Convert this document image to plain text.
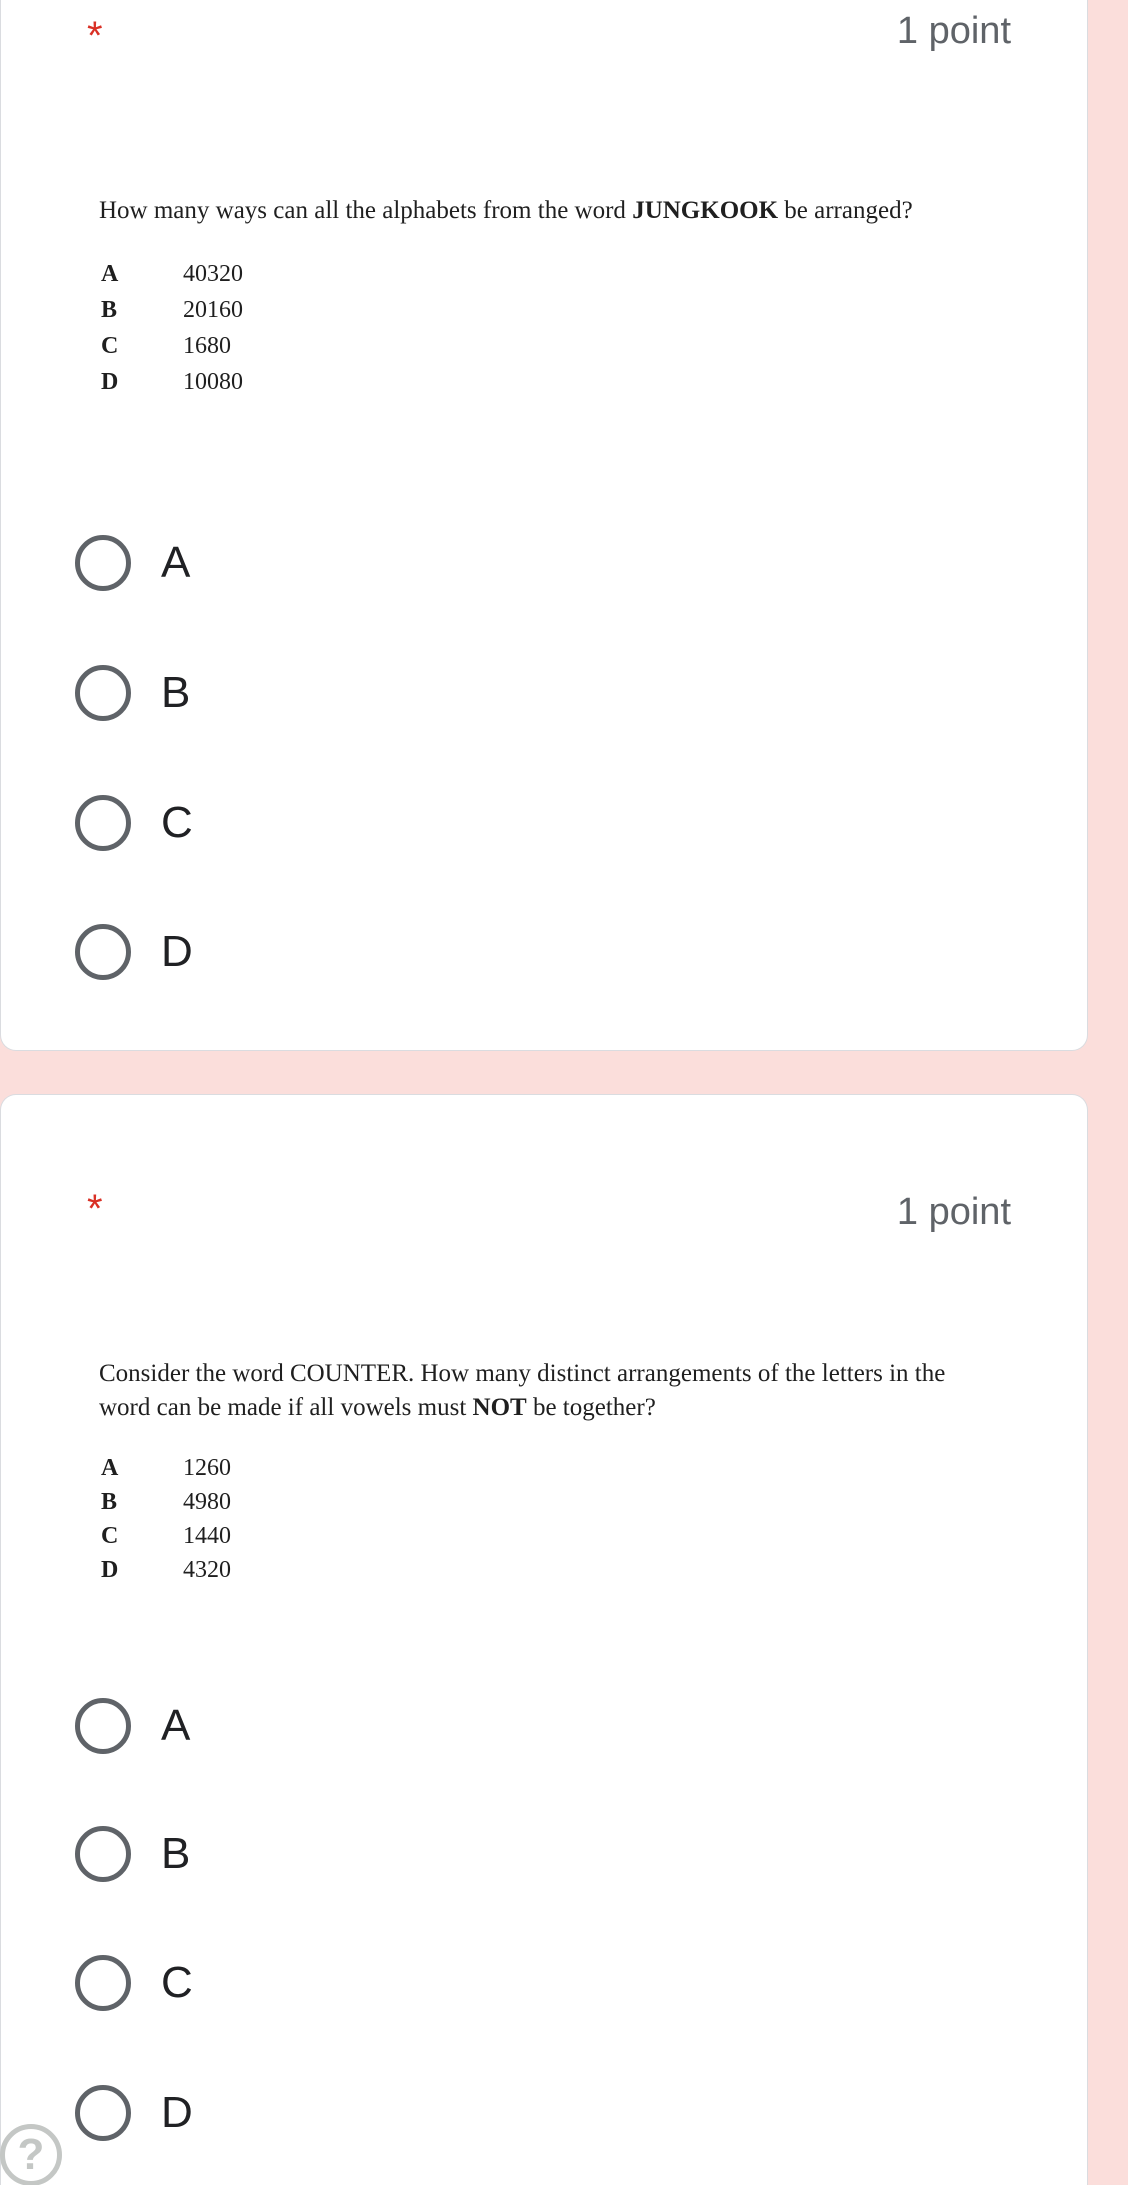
*	1 point
How many ways can all the alphabets from the word JUNGKOOK be arranged?
A	40320
B	20160
C	1680
D	10080
A
B
C
D
*	1 point
Consider the word COUNTER. How many distinct arrangements of the letters in the word can be made if all vowels must NOT be together?
A	1260
B	4980
C	1440
D	4320
A
B
C
D
?
